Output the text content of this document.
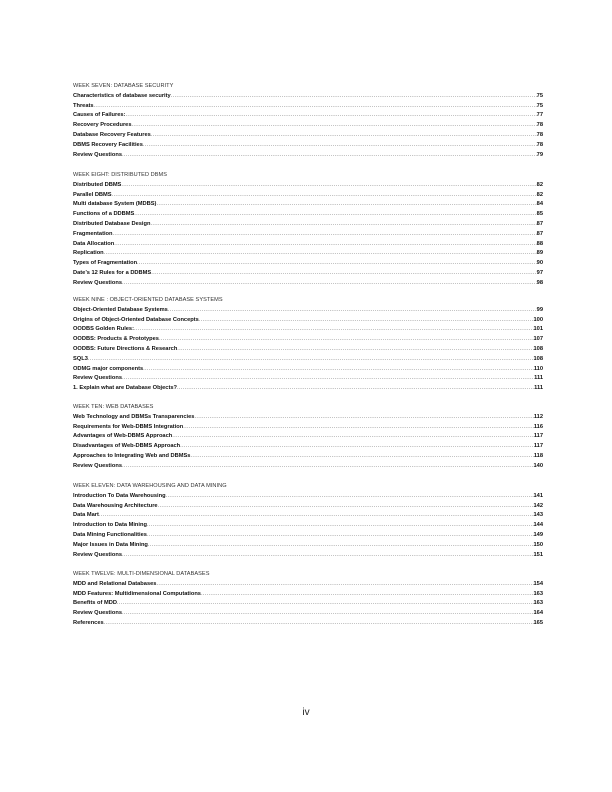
WEEK SEVEN: DATABASE SECURITY
Characteristics of database security .....	75
Threats .....	75
Causes of Failures: .....	77
Recovery Procedures .....	78
Database Recovery Features .....	78
DBMS Recovery Facilities .....	78
Review Questions .....	79
WEEK EIGHT: DISTRIBUTED DBMS
Distributed DBMS .....	82
Parallel DBMS .....	82
Multi database System (MDBS) .....	84
Functions of a DDBMS .....	85
Distributed Database Design .....	87
Fragmentation .....	87
Data Allocation .....	88
Replication .....	89
Types of Fragmentation .....	90
Date’s 12 Rules for a DDBMS .....	97
Review Questions .....	98
WEEK NINE : OBJECT-ORIENTED DATABASE SYSTEMS
Object-Oriented Database Systems .....	99
Origins of Object-Oriented Database Concepts .....	100
OODBS Golden Rules: .....	101
OODBS: Products & Prototypes .....	107
OODBS: Future Directions & Research .....	108
SQL3 .....	108
ODMG major components .....	110
Review Questions .....	111
1. Explain what are Database Objects? .....	111
WEEK TEN: WEB DATABASES
Web Technology and DBMSs Transparencies .....	112
Requirements for Web-DBMS Integration .....	116
Advantages of Web-DBMS Approach .....	117
Disadvantages of Web-DBMS Approach .....	117
Approaches to Integrating Web and DBMSs .....	118
Review Questions .....	140
WEEK ELEVEN: DATA WAREHOUSING AND DATA MINING
Introduction To Data Warehousing .....	141
Data Warehousing Architecture .....	142
Data Mart .....	143
Introduction to Data Mining .....	144
Data Mining Functionalities .....	149
Major Issues in Data Mining .....	150
Review Questions .....	151
WEEK TWELVE: MULTI-DIMENSIONAL DATABASES
MDD and Relational Databases .....	154
MDD Features: Multidimensional Computations .....	163
Benefits of MDD .....	163
Review Questions .....	164
References .....	165
iv
